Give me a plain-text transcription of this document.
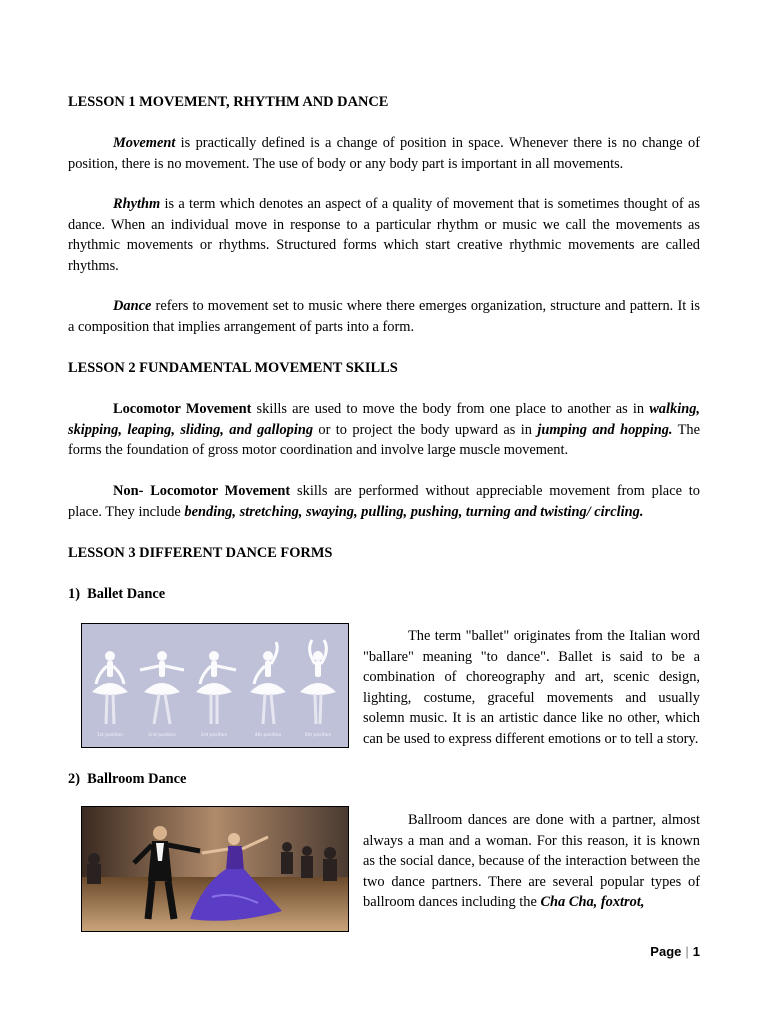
LESSON 1 MOVEMENT, RHYTHM AND DANCE

Movement is practically defined is a change of position in space. Whenever there is no change of position, there is no movement. The use of body or any body part is important in all movements.

Rhythm is a term which denotes an aspect of a quality of movement that is sometimes thought of as dance. When an individual move in response to a particular rhythm or music we call the movements as rhythmic movements or rhythms. Structured forms which start creative rhythmic movements are called rhythms.

Dance refers to movement set to music where there emerges organization, structure and pattern. It is a composition that implies arrangement of parts into a form.

LESSON 2 FUNDAMENTAL MOVEMENT SKILLS

Locomotor Movement skills are used to move the body from one place to another as in walking, skipping, leaping, sliding, and galloping or to project the body upward as in jumping and hopping. The forms the foundation of gross motor coordination and involve large muscle movement.

Non- Locomotor Movement skills are performed without appreciable movement from place to place. They include bending, stretching, swaying, pulling, pushing, turning and twisting/ circling.

LESSON 3 DIFFERENT DANCE FORMS
1)  Ballet Dance
1st position	2nd position	3rd position	4th position	5th position

The term "ballet" originates from the Italian word "ballare" meaning "to dance". Ballet is said to be a combination of choreography and art, scenic design, lighting, costume, graceful movements and usually solemn music. It is an artistic dance like no other, which can be used to express different emotions or to tell a story.

2)  Ballroom Dance

Ballroom dances are done with a partner, almost always a man and a woman. For this reason, it is known as the social dance, because of the interaction between the two dance partners. There are several popular types of ballroom dances including the Cha Cha, foxtrot,

Page | 1
